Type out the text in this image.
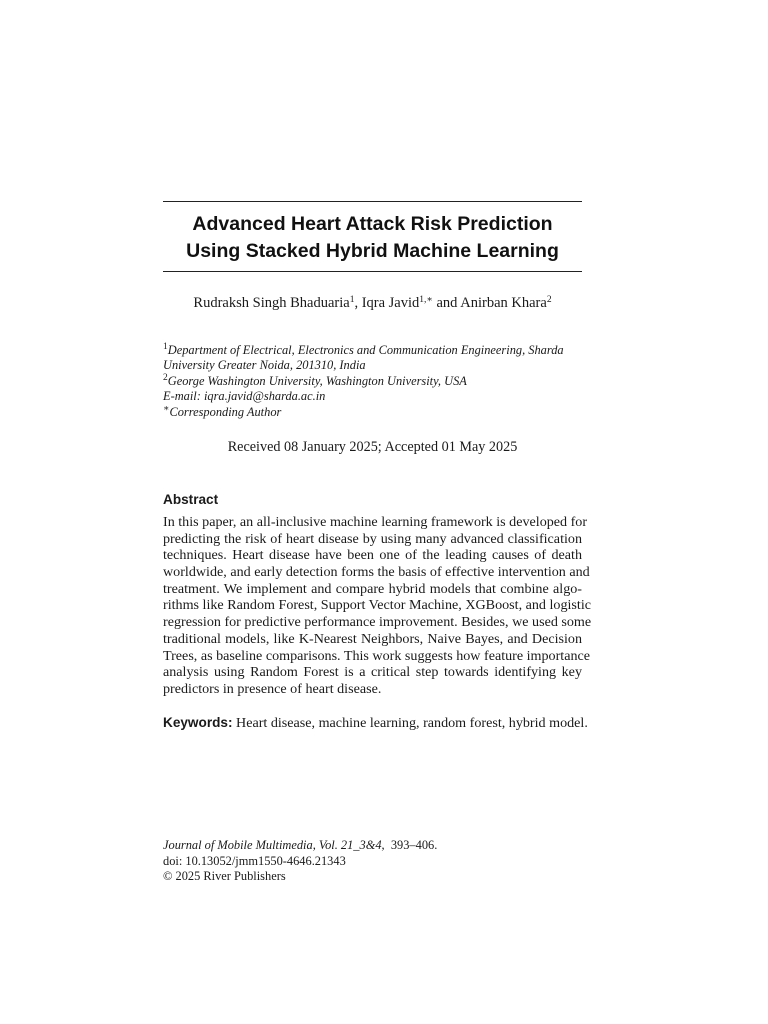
Advanced Heart Attack Risk Prediction
Using Stacked Hybrid Machine Learning
Rudraksh Singh Bhaduaria$^1$, Iqra Javid$^{1,∗}$ and Anirban Khara$^2$
$^1$Department of Electrical, Electronics and Communication Engineering, Sharda
University Greater Noida, 201310, India
$^2$George Washington University, Washington University, USA
E-mail: iqra.javid@sharda.ac.in
∗Corresponding Author
Received 08 January 2025; Accepted 01 May 2025
Abstract
In this paper, an all-inclusive machine learning framework is developed for
predicting the risk of heart disease by using many advanced classification
techniques. Heart disease have been one of the leading causes of death
worldwide, and early detection forms the basis of effective intervention and
treatment. We implement and compare hybrid models that combine algo-
rithms like Random Forest, Support Vector Machine, XGBoost, and logistic
regression for predictive performance improvement. Besides, we used some
traditional models, like K-Nearest Neighbors, Naive Bayes, and Decision
Trees, as baseline comparisons. This work suggests how feature importance
analysis using Random Forest is a critical step towards identifying key
predictors in presence of heart disease.
Keywords: Heart disease, machine learning, random forest, hybrid model.
Journal of Mobile Multimedia, Vol. 21_3&4,  393–406.
doi: 10.13052/jmm1550-4646.21343
© 2025 River Publishers
